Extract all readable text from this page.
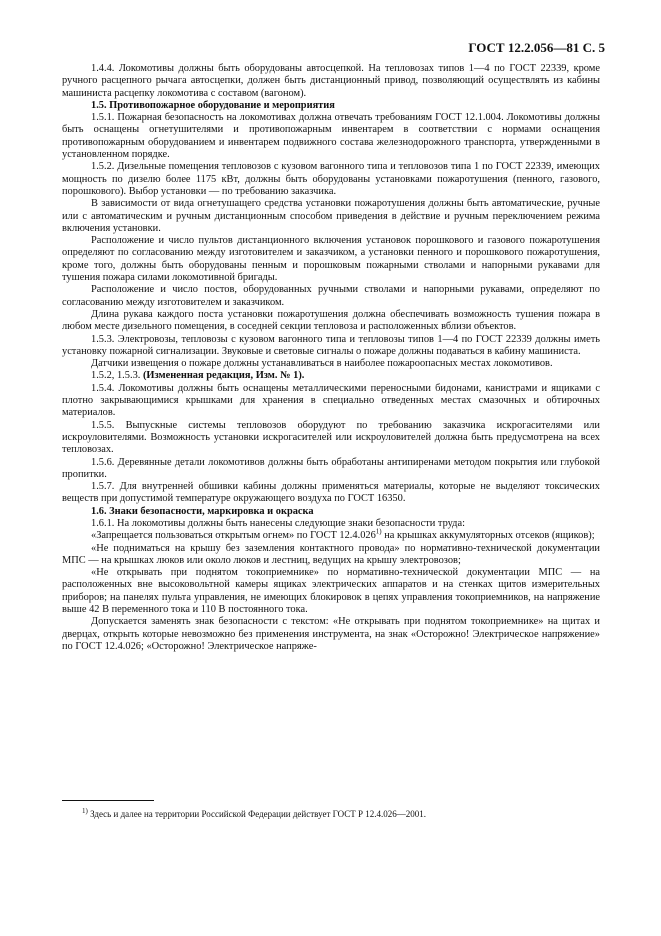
ГОСТ 12.2.056—81 С. 5

1.4.4. Локомотивы должны быть оборудованы автосцепкой. На тепловозах типов 1—4 по ГОСТ 22339, кроме ручного расцепного рычага автосцепки, должен быть дистанционный привод, позволяющий осуществлять из кабины машиниста расцепку локомотива с составом (вагоном).

1.5. Противопожарное оборудование и мероприятия

1.5.1. Пожарная безопасность на локомотивах должна отвечать требованиям ГОСТ 12.1.004. Локомотивы должны быть оснащены огнетушителями и противопожарным инвентарем в соответствии с нормами оснащения противопожарным оборудованием и инвентарем подвижного состава железнодорожного транспорта, утвержденными в установленном порядке.

1.5.2. Дизельные помещения тепловозов с кузовом вагонного типа и тепловозов типа 1 по ГОСТ 22339, имеющих мощность по дизелю более 1175 кВт, должны быть оборудованы установками пожаротушения (пенного, газового, порошкового). Выбор установки — по требованию заказчика.

В зависимости от вида огнетушащего средства установки пожаротушения должны быть автоматические, ручные или с автоматическим и ручным дистанционным способом приведения в действие и ручным переключением режима включения установки.

Расположение и число пультов дистанционного включения установок порошкового и газового пожаротушения определяют по согласованию между изготовителем и заказчиком, а установки пенного и порошкового пожаротушения, кроме того, должны быть оборудованы пенным и порошковым пожарными стволами и напорными рукавами для тушения пожара силами локомотивной бригады.

Расположение и число постов, оборудованных ручными стволами и напорными рукавами, определяют по согласованию между изготовителем и заказчиком.

Длина рукава каждого поста установки пожаротушения должна обеспечивать возможность тушения пожара в любом месте дизельного помещения, в соседней секции тепловоза и расположенных вблизи объектов.

1.5.3. Электровозы, тепловозы с кузовом вагонного типа и тепловозы типов 1—4 по ГОСТ 22339 должны иметь установку пожарной сигнализации. Звуковые и световые сигналы о пожаре должны подаваться в кабину машиниста.

Датчики извещения о пожаре должны устанавливаться в наиболее пожароопасных местах локомотивов.

1.5.2, 1.5.3. (Измененная редакция, Изм. № 1).

1.5.4. Локомотивы должны быть оснащены металлическими переносными бидонами, канистрами и ящиками с плотно закрывающимися крышками для хранения в специально отведенных местах смазочных и обтирочных материалов.

1.5.5. Выпускные системы тепловозов оборудуют по требованию заказчика искрогасителями или искроуловителями. Возможность установки искрогасителей или искроуловителей должна быть предусмотрена на всех тепловозах.

1.5.6. Деревянные детали локомотивов должны быть обработаны антипиренами методом покрытия или глубокой пропитки.

1.5.7. Для внутренней обшивки кабины должны применяться материалы, которые не выделяют токсических веществ при допустимой температуре окружающего воздуха по ГОСТ 16350.

1.6. Знаки безопасности, маркировка и окраска

1.6.1. На локомотивы должны быть нанесены следующие знаки безопасности труда:

«Запрещается пользоваться открытым огнем» по ГОСТ 12.4.026$^{1)}$ на крышках аккумуляторных отсеков (ящиков);

«Не подниматься на крышу без заземления контактного провода» по нормативно-технической документации МПС — на крышках люков или около люков и лестниц, ведущих на крышу электровозов;

«Не открывать при поднятом токоприемнике» по нормативно-технической документации МПС — на расположенных вне высоковольтной камеры ящиках электрических аппаратов и на стенках щитов измерительных приборов; на панелях пульта управления, не имеющих блокировок в цепях управления токоприемников, на напряжение выше 42 В переменного тока и 110 В постоянного тока.

Допускается заменять знак безопасности с текстом: «Не открывать при поднятом токоприемнике» на щитах и дверцах, открыть которые невозможно без применения инструмента, на знак «Осторожно! Электрическое напряжение» по ГОСТ 12.4.026; «Осторожно! Электрическое напряже-

$^{1)}$ Здесь и далее на территории Российской Федерации действует ГОСТ Р 12.4.026—2001.
